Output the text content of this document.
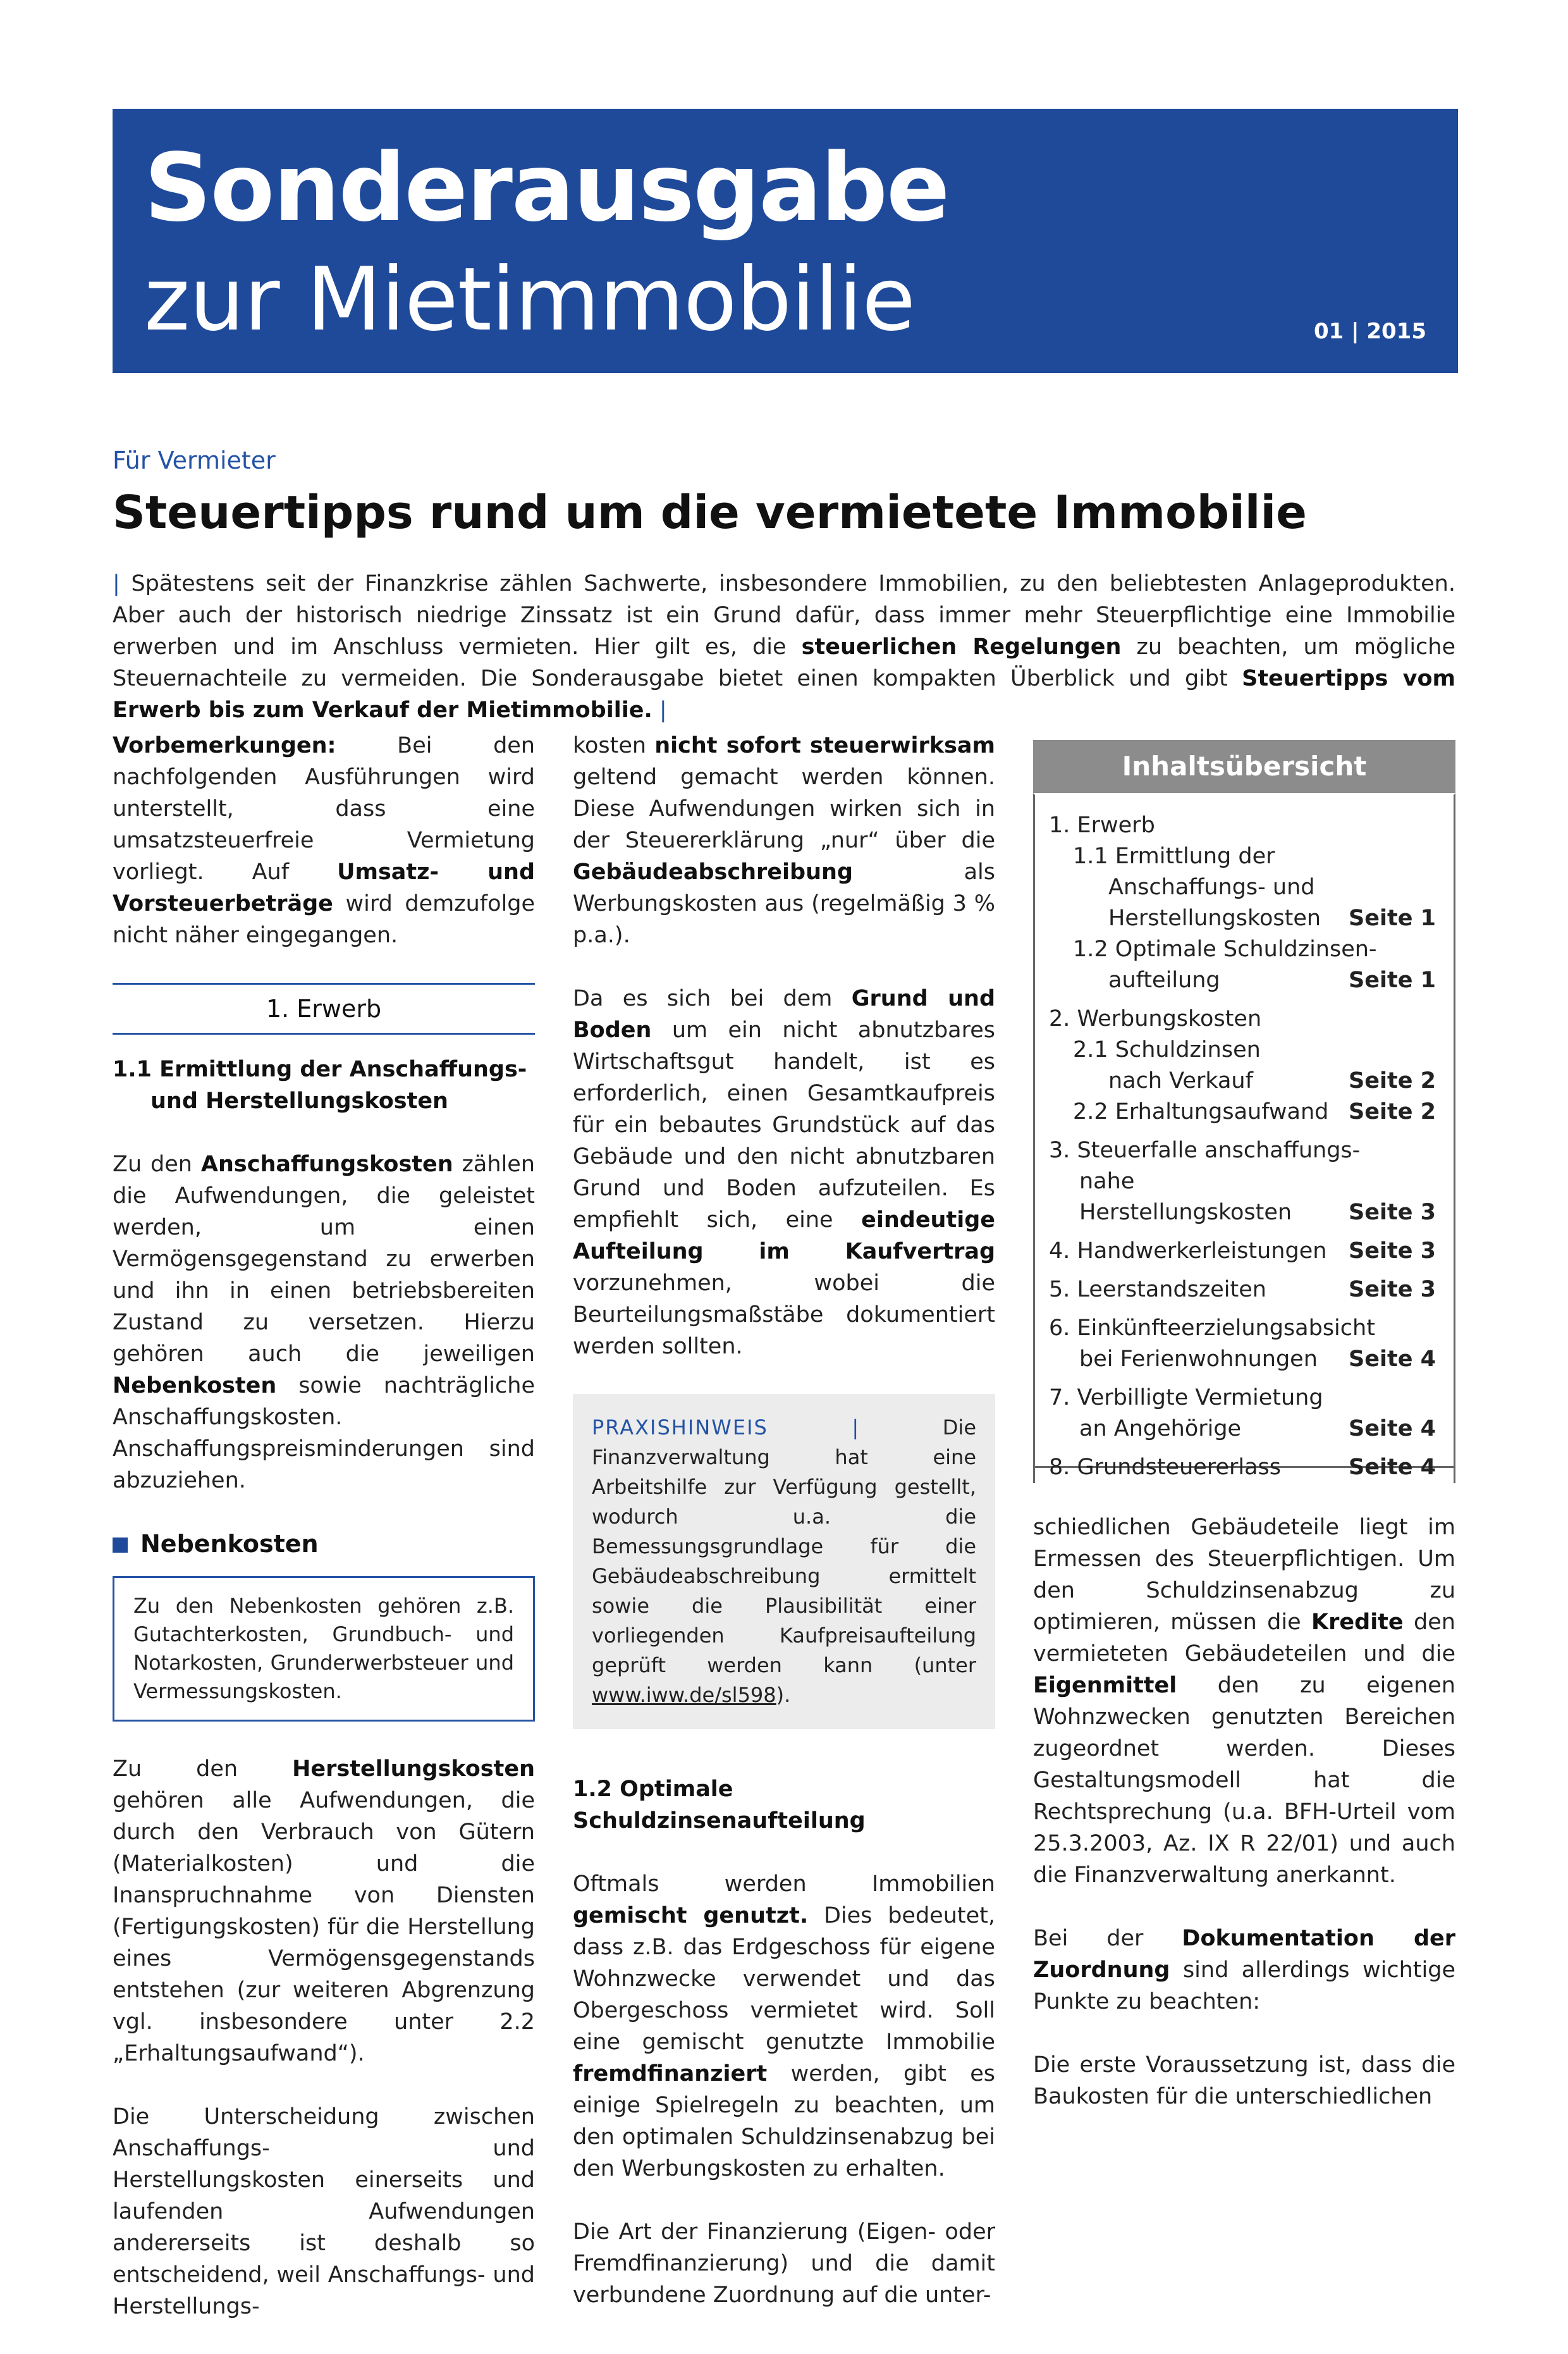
Sonderausgabe
zur Mietimmobilie	01 | 2015
Für Vermieter
Steuertipps rund um die vermietete Immobilie

| Spätestens seit der Finanzkrise zählen Sachwerte, insbesondere Immobilien, zu den beliebtesten Anlageprodukten. Aber auch der historisch niedrige Zinssatz ist ein Grund dafür, dass immer mehr Steuerpflichtige eine Immobilie erwerben und im Anschluss vermieten. Hier gilt es, die steuerlichen Regelungen zu beachten, um mögliche Steuernachteile zu vermeiden. Die Sonderausgabe bietet einen kompakten Überblick und gibt Steuertipps vom Erwerb bis zum Verkauf der Mietimmobilie. |

Vorbemerkungen: Bei den nachfolgenden Ausführungen wird unterstellt, dass eine umsatzsteuerfreie Vermietung vorliegt. Auf Umsatz- und Vorsteuerbeträge wird demzufolge nicht näher eingegangen.

1. Erwerb
1.1 Ermittlung der Anschaffungs-
und Herstellungskosten

Zu den Anschaffungskosten zählen die Aufwendungen, die geleistet werden, um einen Vermögensgegenstand zu erwerben und ihn in einen betriebsbereiten Zustand zu versetzen. Hierzu gehören auch die jeweiligen Nebenkosten sowie nachträgliche Anschaffungskosten. Anschaffungspreisminderungen sind abzuziehen.

Nebenkosten

Zu den Nebenkosten gehören z.B. Gutachterkosten, Grundbuch- und Notarkosten, Grunderwerbsteuer und Vermessungskosten.

Zu den Herstellungskosten gehören alle Aufwendungen, die durch den Verbrauch von Gütern (Materialkosten) und die Inanspruchnahme von Diensten (Fertigungskosten) für die Herstellung eines Vermögensgegenstands entstehen (zur weiteren Abgrenzung vgl. insbesondere unter 2.2 „Erhaltungsaufwand“).

Die Unterscheidung zwischen Anschaffungs- und Herstellungskosten einerseits und laufenden Aufwendungen andererseits ist deshalb so entscheidend, weil Anschaffungs- und Herstellungs-

kosten nicht sofort steuerwirksam geltend gemacht werden können. Diese Aufwendungen wirken sich in der Steuererklärung „nur“ über die Gebäudeabschreibung als Werbungskosten aus (regelmäßig 3 % p.a.).

Da es sich bei dem Grund und Boden um ein nicht abnutzbares Wirtschaftsgut handelt, ist es erforderlich, einen Gesamtkaufpreis für ein bebautes Grundstück auf das Gebäude und den nicht abnutzbaren Grund und Boden aufzuteilen. Es empfiehlt sich, eine eindeutige Aufteilung im Kaufvertrag vorzunehmen, wobei die Beurteilungsmaßstäbe dokumentiert werden sollten.

PRAXISHINWEIS | Die Finanzverwaltung hat eine Arbeitshilfe zur Verfügung gestellt, wodurch u.a. die Bemessungsgrundlage für die Gebäudeabschreibung ermittelt sowie die Plausibilität einer vorliegenden Kaufpreisaufteilung geprüft werden kann (unter www.iww.de/sl598).
1.2 Optimale Schuldzinsenaufteilung

Oftmals werden Immobilien gemischt genutzt. Dies bedeutet, dass z.B. das Erdgeschoss für eigene Wohnzwecke verwendet und das Obergeschoss vermietet wird. Soll eine gemischt genutzte Immobilie fremdfinanziert werden, gibt es einige Spielregeln zu beachten, um den optimalen Schuldzinsenabzug bei den Werbungskosten zu erhalten.

Die Art der Finanzierung (Eigen- oder Fremdfinanzierung) und die damit verbundene Zuordnung auf die unter-

Inhaltsübersicht
1. Erwerb
1.1 Ermittlung der
Anschaffungs- und
Herstellungskosten Seite 1
1.2 Optimale Schuldzinsen-
aufteilung	Seite 1
2. Werbungskosten
2.1 Schuldzinsen
nach Verkauf	Seite 2
2.2 Erhaltungsaufwand Seite 2
3. Steuerfalle anschaffungs-
nahe Herstellungskosten	Seite 3
4. Handwerkerleistungen Seite 3
5. Leerstandszeiten	Seite 3
6. Einkünfteerzielungsabsicht
bei Ferienwohnungen Seite 4
7. Verbilligte Vermietung
an Angehörige	Seite 4
8. Grundsteuererlass	Seite 4

schiedlichen Gebäudeteile liegt im Ermessen des Steuerpflichtigen. Um den Schuldzinsenabzug zu optimieren, müssen die Kredite den vermieteten Gebäudeteilen und die Eigenmittel den zu eigenen Wohnzwecken genutzten Bereichen zugeordnet werden. Dieses Gestaltungsmodell hat die Rechtsprechung (u.a. BFH-Urteil vom 25.3.2003, Az. IX R 22/01) und auch die Finanzverwaltung anerkannt.

Bei der Dokumentation der Zuordnung sind allerdings wichtige Punkte zu beachten:

Die erste Voraussetzung ist, dass die Baukosten für die unterschiedlichen
